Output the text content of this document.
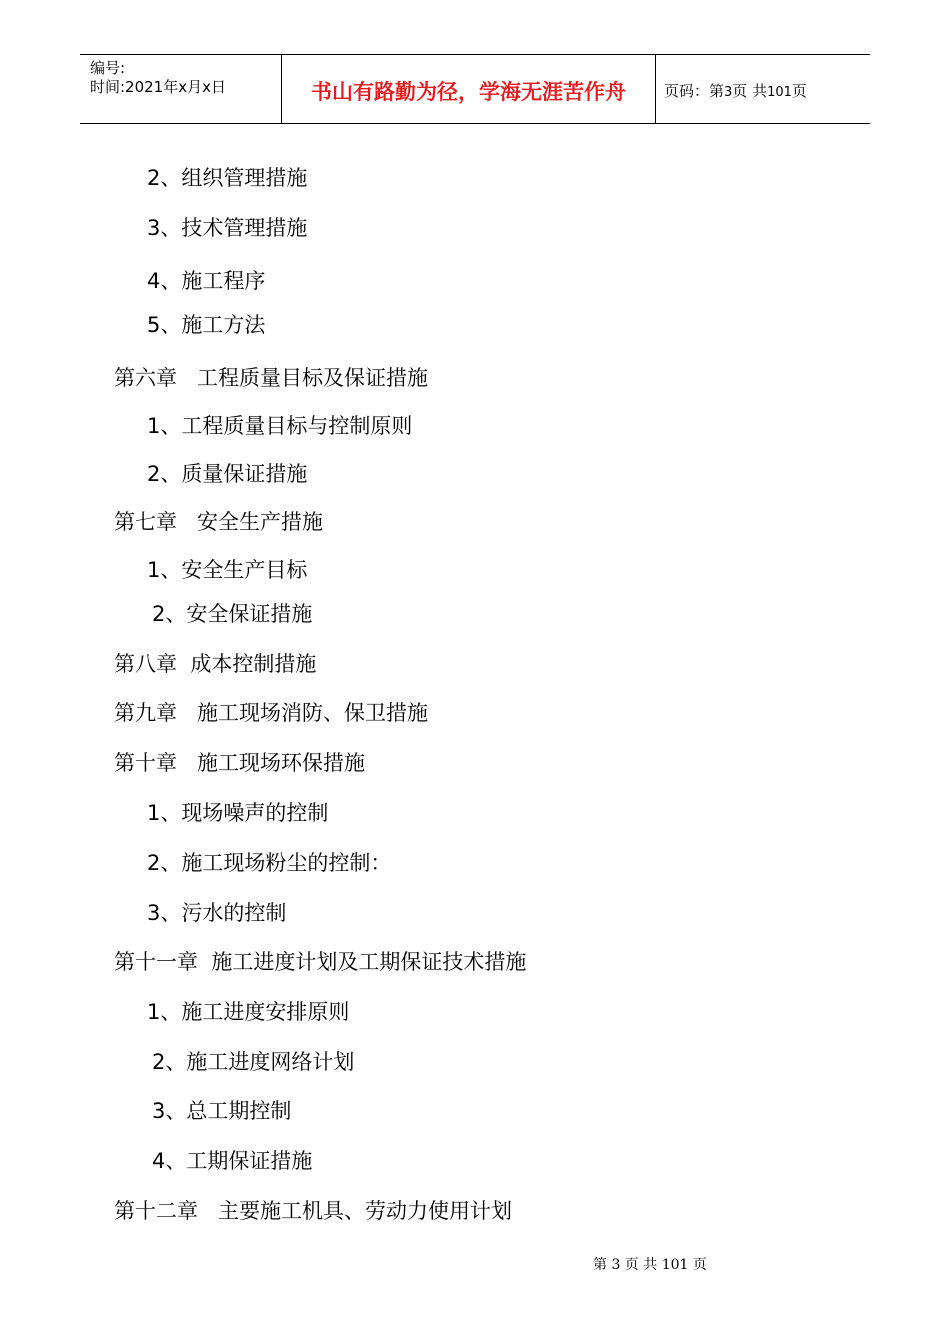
编号:
时间:2021年x月x日	书山有路勤为径，学海无涯苦作舟	页码：第3页 共101页
2、组织管理措施
3、技术管理措施
4、施工程序
5、施工方法
第六章   工程质量目标及保证措施
1、工程质量目标与控制原则
2、质量保证措施
第七章   安全生产措施
1、安全生产目标
2、安全保证措施
第八章  成本控制措施
第九章   施工现场消防、保卫措施
第十章   施工现场环保措施
1、现场噪声的控制
2、施工现场粉尘的控制：
3、污水的控制
第十一章  施工进度计划及工期保证技术措施
1、施工进度安排原则
2、施工进度网络计划
3、总工期控制
4、工期保证措施
第十二章   主要施工机具、劳动力使用计划
第 3 页 共 101 页
